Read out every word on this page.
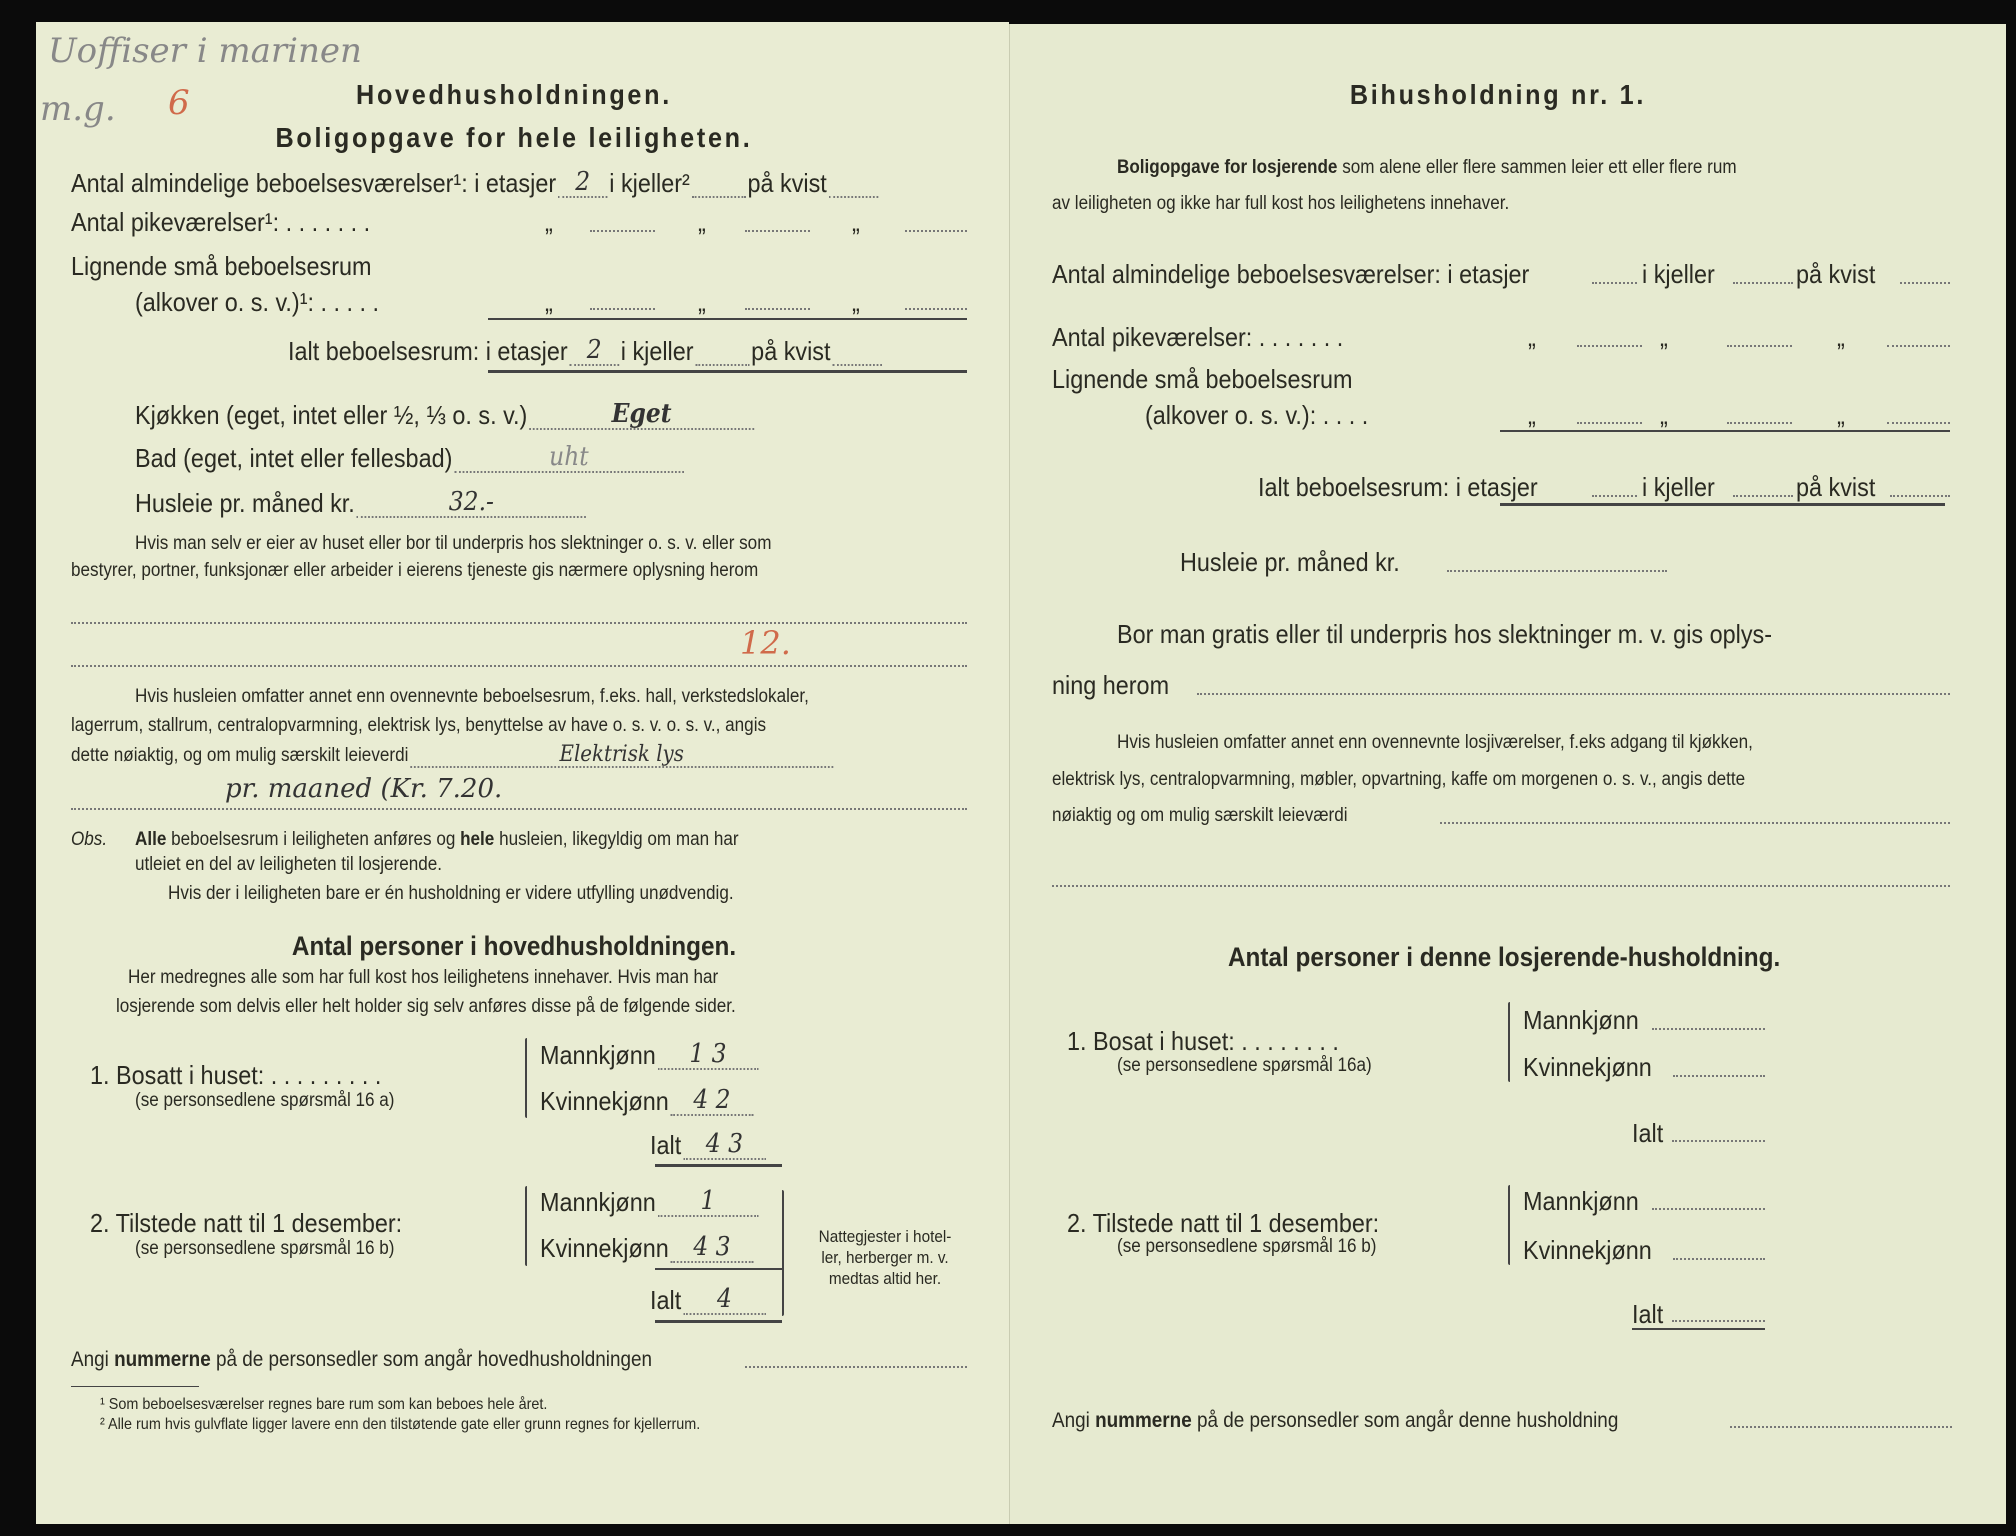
Uoffiser i marinen
m.g. 6	Hovedhusholdningen.
Boligopgave for hele leiligheten.
Antal almindelige beboelsesværelser¹: i etasjer 2 i kjeller² på kvist
Antal pikeværelser¹: . . . . . . .	„	„	„
Lignende små beboelsesrum
(alkover o. s. v.)¹: . . . . .	„	„	„
Ialt beboelsesrum: i etasjer 2 i kjeller på kvist
Kjøkken (eget, intet eller ½, ⅓ o. s. v.)	Eget
Bad (eget, intet eller fellesbad)	uht
Husleie pr. måned kr.	32.-
Hvis man selv er eier av huset eller bor til underpris hos slektninger o. s. v. eller som
bestyrer, portner, funksjonær eller arbeider i eierens tjeneste gis nærmere oplysning herom
12.
Hvis husleien omfatter annet enn ovennevnte beboelsesrum, f.eks. hall, verkstedslokaler,
lagerrum, stallrum, centralopvarmning, elektrisk lys, benyttelse av have o. s. v. o. s. v., angis
dette nøiaktig, og om mulig særskilt leieverdi	Elektrisk lys
pr. maaned (Kr. 7.20.
Obs. Alle beboelsesrum i leiligheten anføres og hele husleien, likegyldig om man har
utleiet en del av leiligheten til losjerende.
Hvis der i leiligheten bare er én husholdning er videre utfylling unødvendig.
Antal personer i hovedhusholdningen.
Her medregnes alle som har full kost hos leilighetens innehaver. Hvis man har
losjerende som delvis eller helt holder sig selv anføres disse på de følgende sider.
1. Bosatt i huset: . . . . . . . . .
(se personsedlene spørsmål 16 a)
Mannkjønn	1 3
Kvinnekjønn 4 2
Ialt 4 3
2. Tilstede natt til 1 desember:
(se personsedlene spørsmål 16 b)
Mannkjønn	1
Kvinnekjønn 4 3
Ialt	4
Nattegjester i hotel-
ler, herberger m. v.
medtas altid her.
Angi nummerne på de personsedler som angår hovedhusholdningen
¹ Som beboelsesværelser regnes bare rum som kan beboes hele året.
² Alle rum hvis gulvflate ligger lavere enn den tilstøtende gate eller grunn regnes for kjellerrum.
Bihusholdning nr. 1.
Boligopgave for losjerende som alene eller flere sammen leier ett eller flere rum
av leiligheten og ikke har full kost hos leilighetens innehaver.
Antal almindelige beboelsesværelser: i etasjer	i kjeller	på kvist
Antal pikeværelser: . . . . . . .	„	„	„
Lignende små beboelsesrum
(alkover o. s. v.): . . . .	„	„	„
Ialt beboelsesrum: i etasjer	i kjeller	på kvist
Husleie pr. måned kr.
Bor man gratis eller til underpris hos slektninger m. v. gis oplys-
ning herom
Hvis husleien omfatter annet enn ovennevnte losjiværelser, f.eks adgang til kjøkken,
elektrisk lys, centralopvarmning, møbler, opvartning, kaffe om morgenen o. s. v., angis dette
nøiaktig og om mulig særskilt leieværdi
Antal personer i denne losjerende-husholdning.
1. Bosat i huset: . . . . . . . .
(se personsedlene spørsmål 16a)
Mannkjønn
Kvinnekjønn
Ialt
2. Tilstede natt til 1 desember:
(se personsedlene spørsmål 16 b)
Mannkjønn
Kvinnekjønn
Ialt
Angi nummerne på de personsedler som angår denne husholdning
